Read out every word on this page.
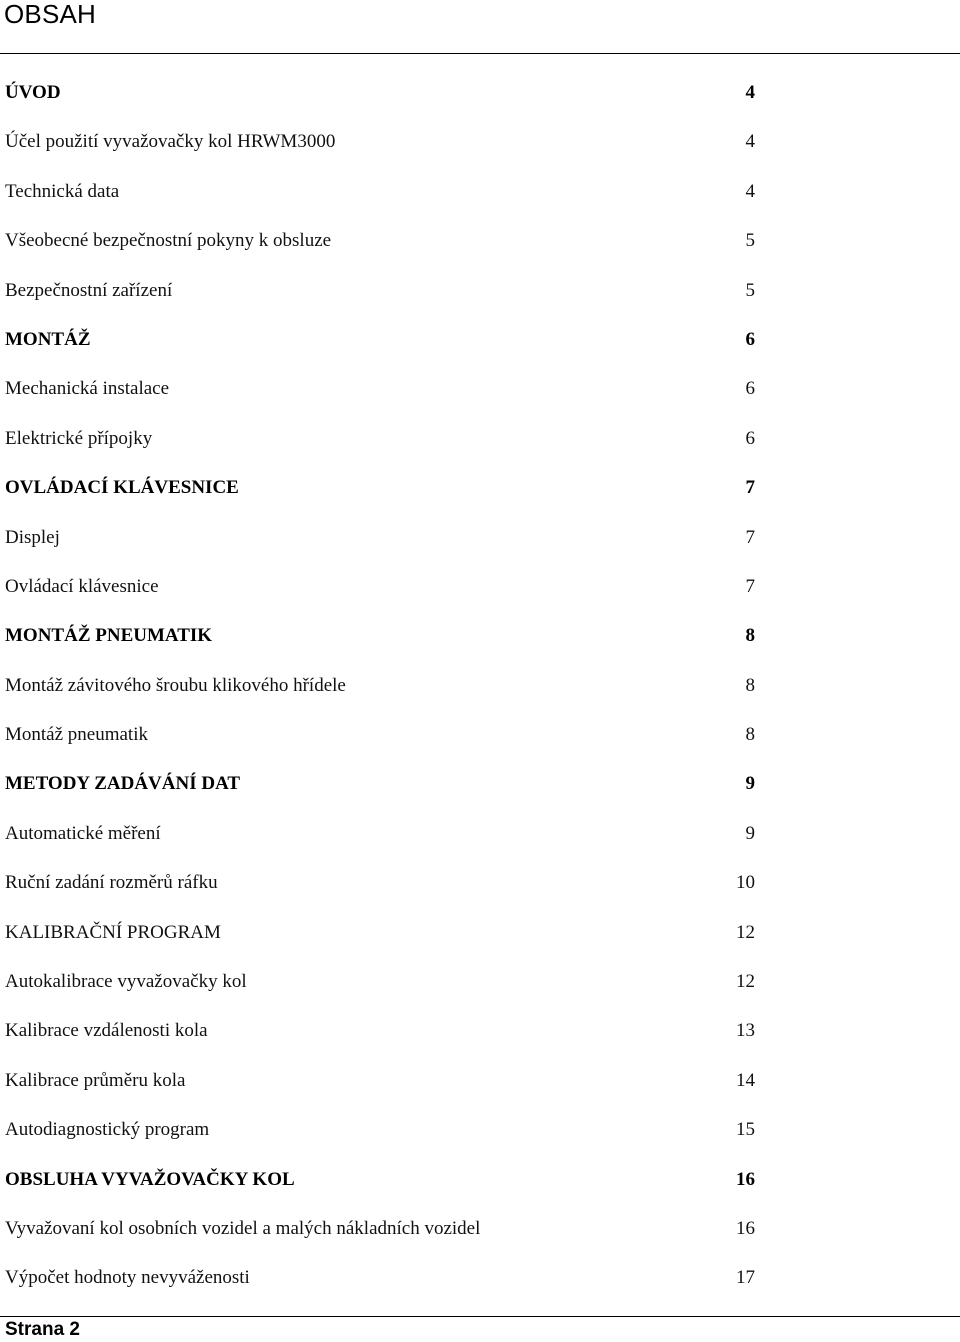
OBSAH
ÚVOD	4
Účel použití vyvažovačky kol HRWM3000	4
Technická data	4
Všeobecné bezpečnostní pokyny k obsluze	5
Bezpečnostní zařízení	5
MONTÁŽ	6
Mechanická instalace	6
Elektrické přípojky	6
OVLÁDACÍ KLÁVESNICE	7
Displej	7
Ovládací klávesnice	7
MONTÁŽ PNEUMATIK	8
Montáž závitového šroubu klikového hřídele	8
Montáž pneumatik	8
METODY ZADÁVÁNÍ DAT	9
Automatické měření	9
Ruční zadání rozměrů ráfku	10
KALIBRAČNÍ PROGRAM	12
Autokalibrace vyvažovačky kol	12
Kalibrace vzdálenosti kola	13
Kalibrace průměru kola	14
Autodiagnostický program	15
OBSLUHA VYVAŽOVAČKY KOL	16
Vyvažovaní kol osobních vozidel a malých nákladních vozidel	16
Výpočet hodnoty nevyváženosti	17
Strana 2
